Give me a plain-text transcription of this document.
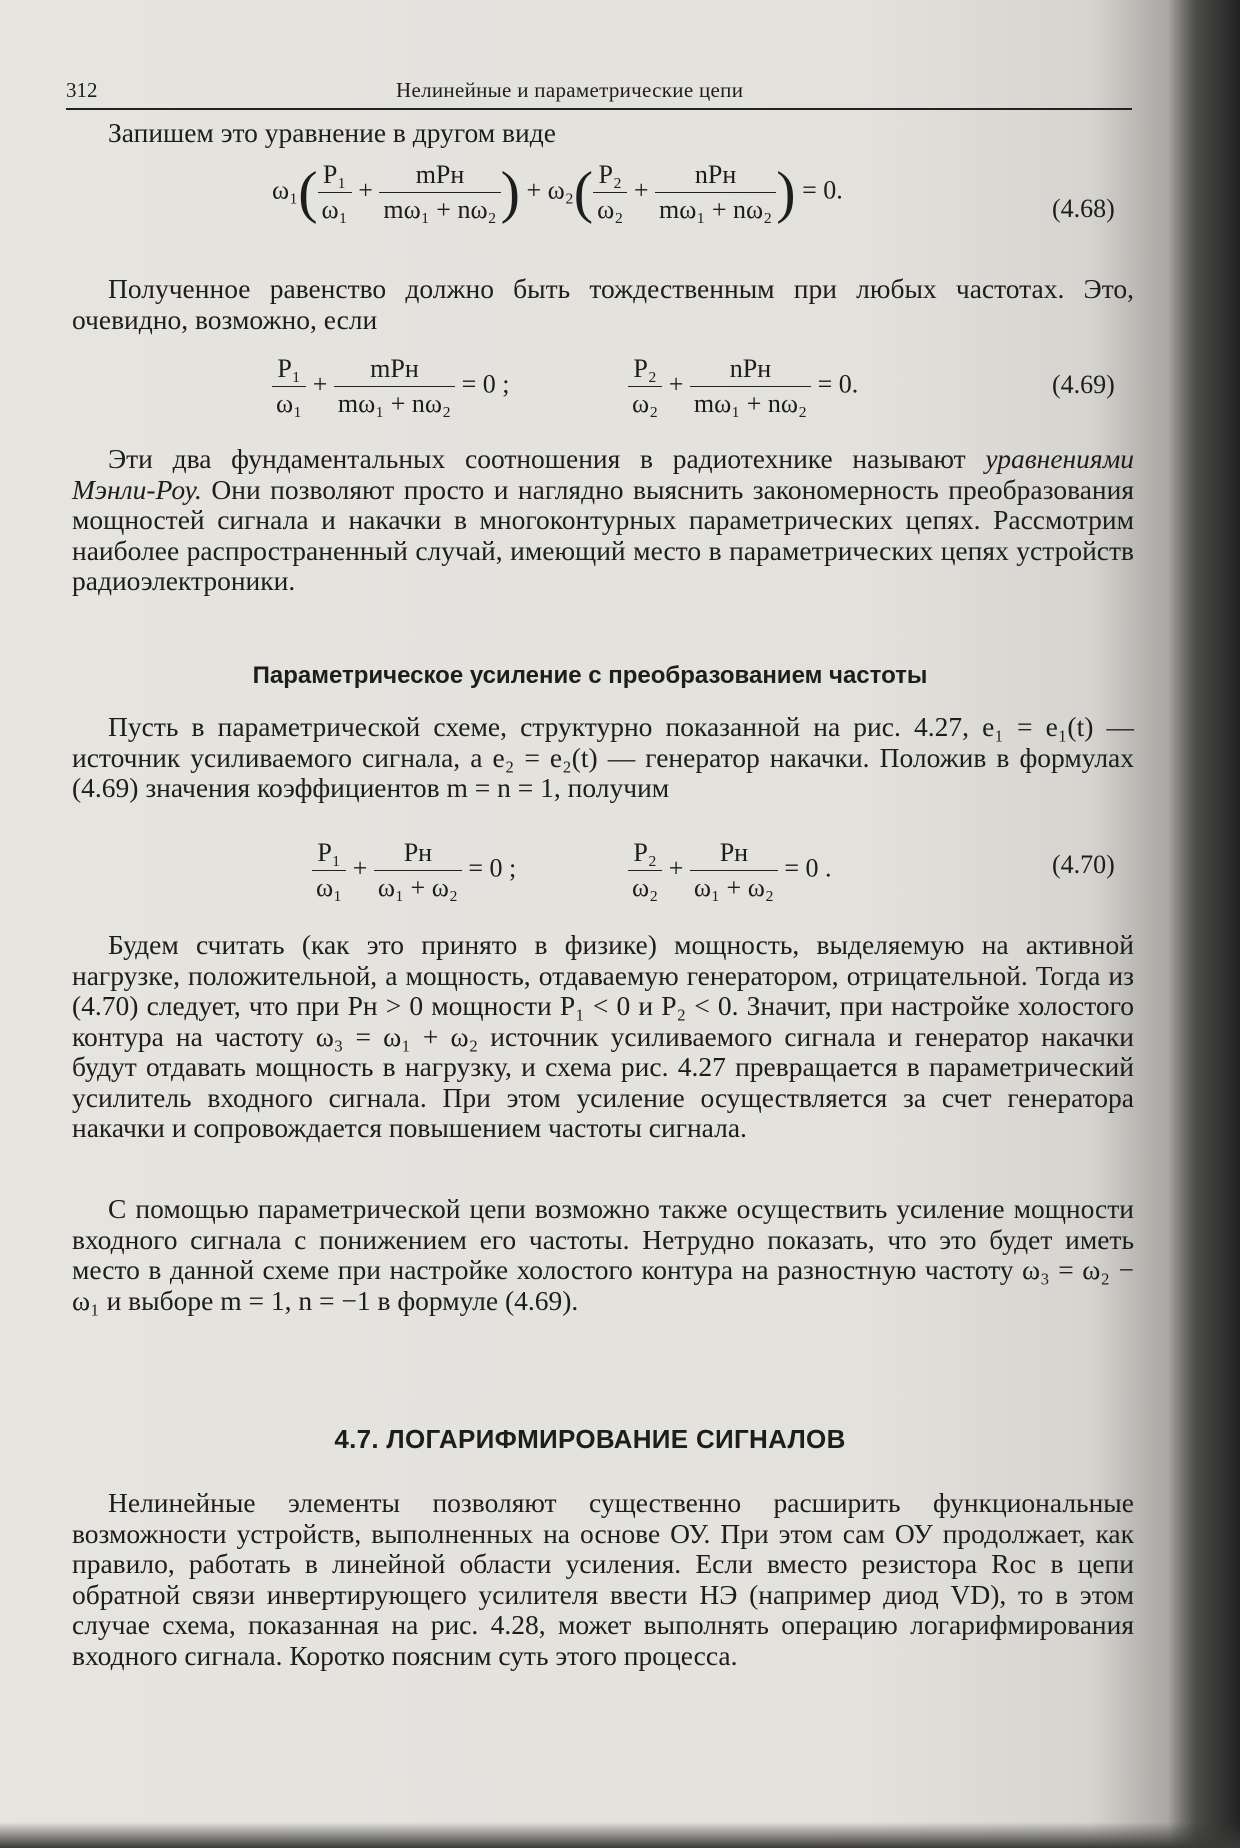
312	Нелинейные и параметрические цепи
Запишем это уравнение в другом виде
$\omega_1( \frac{\text{P₁}}{\text{ω₁}} + \frac{\text{mPн}}{\text{mω₁ + nω₂}}$ ) + $\omega_2( \frac{\text{P₂}}{\text{ω₂}} + \frac{\text{nPн}}{\text{mω₁ + nω₂}}$ ) = 0.
(4.68)
Полученное равенство должно быть тождественным при любых частотах. Это, очевидно, возможно, если
$\frac{\text{P₁}}{\text{ω₁}} + \frac{\text{mPн}}{\text{mω₁ + nω₂}} = 0$ ;	$\frac{\text{P₂}}{\text{ω₂}} + \frac{\text{nPн}}{\text{mω₁ + nω₂}} = 0$.	(4.69)
Эти два фундаментальных соотношения в радиотехнике называют уравнениями Мэнли-Роу. Они позволяют просто и наглядно выяснить закономерность преобразования мощностей сигнала и накачки в многоконтурных параметрических цепях. Рассмотрим наиболее распространенный случай, имеющий место в параметрических цепях устройств радиоэлектроники.
Параметрическое усиление с преобразованием частоты
Пусть в параметрической схеме, структурно показанной на рис. 4.27, e₁ = e₁(t) — источник усиливаемого сигнала, а e₂ = e₂(t) — генератор накачки. Положив в формулах (4.69) значения коэффициентов m = n = 1, получим
$\frac{\text{P₁}}{\text{ω₁}} + \frac{Pн}{\text{ω₁ + ω₂}} = 0$ ;	$\frac{\text{P₂}}{\text{ω₂}} + \frac{Pн}{\text{ω₁ + ω₂}} = 0$ .	(4.70)
Будем считать (как это принято в физике) мощность, выделяемую на активной нагрузке, положительной, а мощность, отдаваемую генератором, отрицательной. Тогда из (4.70) следует, что при Pн > 0 мощности P₁ < 0 и P₂ < 0. Значит, при настройке холостого контура на частоту ω₃ = ω₁ + ω₂ источник усиливаемого сигнала и генератор накачки будут отдавать мощность в нагрузку, и схема рис. 4.27 превращается в параметрический усилитель входного сигнала. При этом усиление осуществляется за счет генератора накачки и сопровождается повышением частоты сигнала.
С помощью параметрической цепи возможно также осуществить усиление мощности входного сигнала с понижением его частоты. Нетрудно показать, что это будет иметь место в данной схеме при настройке холостого контура на разностную частоту ω₃ = ω₂ − ω₁ и выборе m = 1, n = −1 в формуле (4.69).
4.7. ЛОГАРИФМИРОВАНИЕ СИГНАЛОВ
Нелинейные элементы позволяют существенно расширить функциональные возможности устройств, выполненных на основе ОУ. При этом сам ОУ продолжает, как правило, работать в линейной области усиления. Если вместо резистора Rос в цепи обратной связи инвертирующего усилителя ввести НЭ (например диод VD), то в этом случае схема, показанная на рис. 4.28, может выполнять операцию логарифмирования входного сигнала. Коротко поясним суть этого процесса.
